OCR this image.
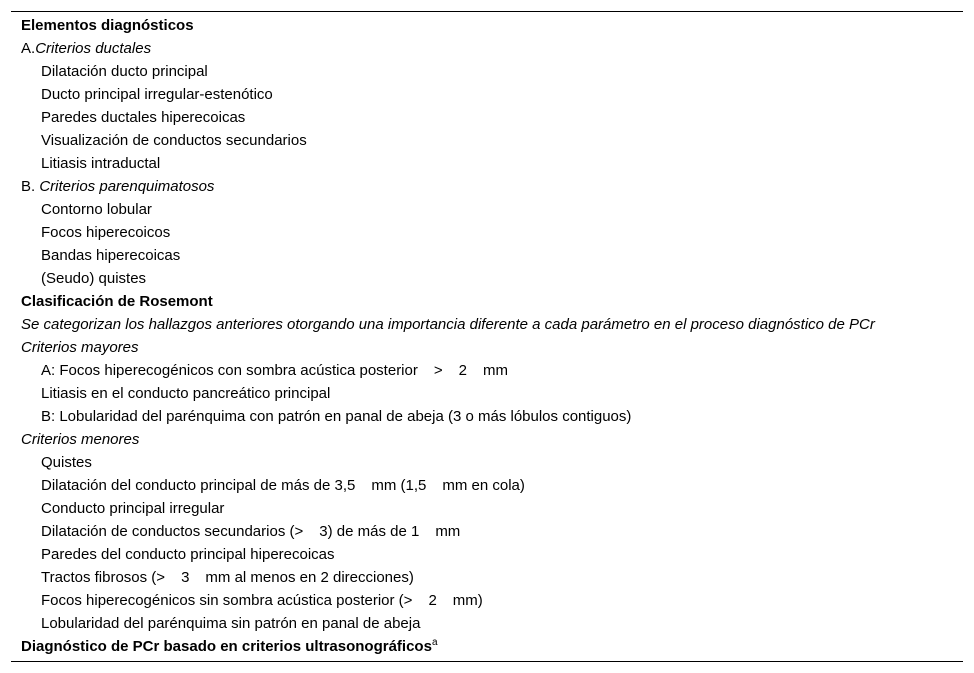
Elementos diagnósticos
A.Criterios ductales
Dilatación ducto principal
Ducto principal irregular-estenótico
Paredes ductales hiperecoicas
Visualización de conductos secundarios
Litiasis intraductal
B. Criterios parenquimatosos
Contorno lobular
Focos hiperecoicos
Bandas hiperecoicas
(Seudo) quistes
Clasificación de Rosemont
Se categorizan los hallazgos anteriores otorgando una importancia diferente a cada parámetro en el proceso diagnóstico de PCr
Criterios mayores
A: Focos hiperecogénicos con sombra acústica posterior > 2 mm
Litiasis en el conducto pancreático principal
B: Lobularidad del parénquima con patrón en panal de abeja (3 o más lóbulos contiguos)
Criterios menores
Quistes
Dilatación del conducto principal de más de 3,5 mm (1,5 mm en cola)
Conducto principal irregular
Dilatación de conductos secundarios (> 3) de más de 1 mm
Paredes del conducto principal hiperecoicas
Tractos fibrosos (> 3 mm al menos en 2 direcciones)
Focos hiperecogénicos sin sombra acústica posterior (> 2 mm)
Lobularidad del parénquima sin patrón en panal de abeja
Diagnóstico de PCr basado en criterios ultrasonográficos$^a$
